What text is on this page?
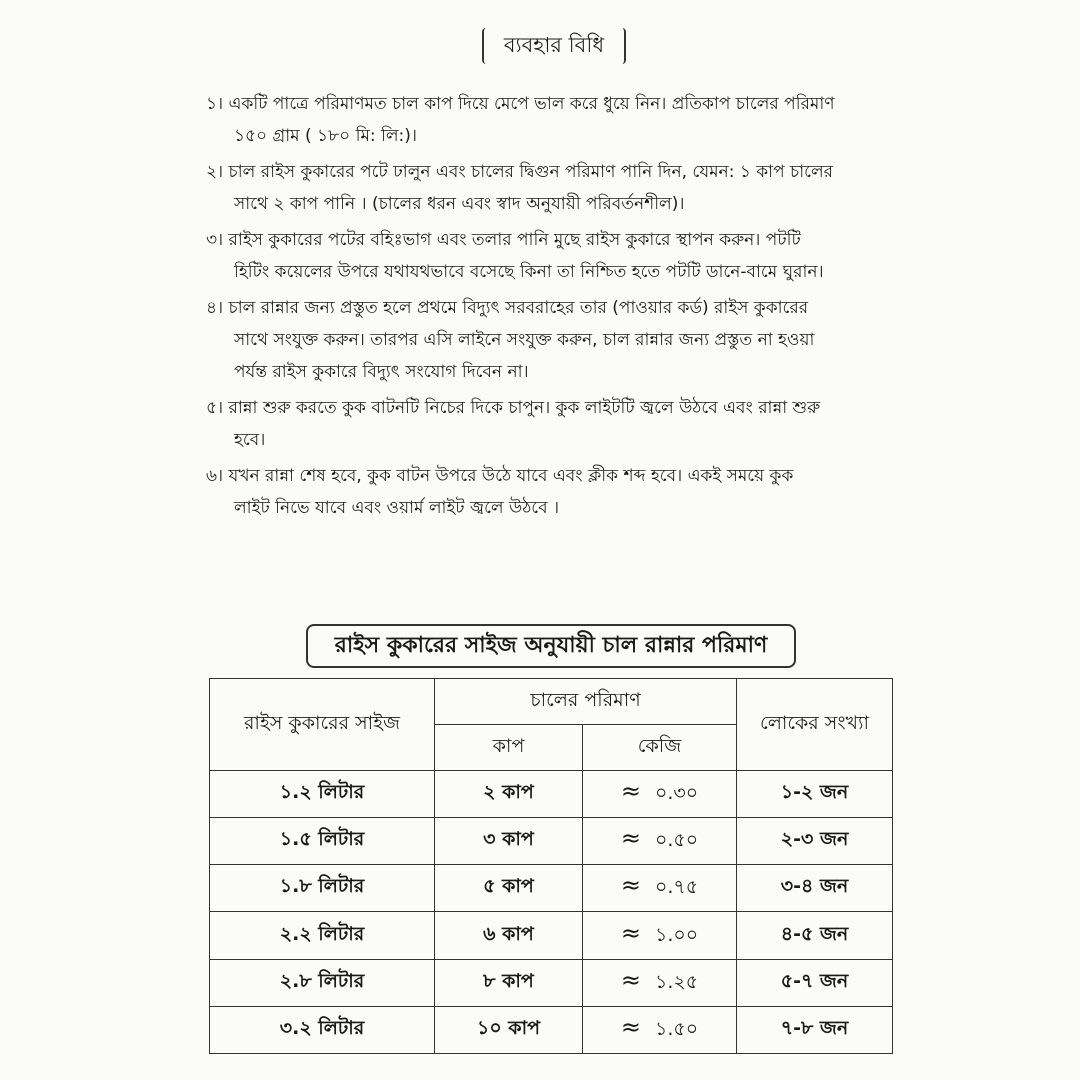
ব্যবহার বিধি
১। একটি পাত্রে পরিমাণমত চাল কাপ দিয়ে মেপে ভাল করে ধুয়ে নিন। প্রতিকাপ চালের পরিমাণ
১৫০ গ্রাম ( ১৮০ মি: লি:)।
২। চাল রাইস কুকারের পটে ঢালুন এবং চালের দ্বিগুন পরিমাণ পানি দিন, যেমন: ১ কাপ চালের
সাথে ২ কাপ পানি । (চালের ধরন এবং স্বাদ অনুযায়ী পরিবর্তনশীল)।
৩। রাইস কুকারের পটের বহিঃভাগ এবং তলার পানি মুছে রাইস কুকারে স্থাপন করুন। পটটি
হিটিং কয়েলের উপরে যথাযথভাবে বসেছে কিনা তা নিশ্চিত হতে পটটি ডানে-বামে ঘুরান।
৪। চাল রান্নার জন্য প্রস্তুত হলে প্রথমে বিদ্যুৎ সরবরাহের তার (পাওয়ার কর্ড) রাইস কুকারের
সাথে সংযুক্ত করুন। তারপর এসি লাইনে সংযুক্ত করুন, চাল রান্নার জন্য প্রস্তুত না হওয়া
পর্যন্ত রাইস কুকারে বিদ্যুৎ সংযোগ দিবেন না।
৫। রান্না শুরু করতে কুক বাটনটি নিচের দিকে চাপুন। কুক লাইটটি জ্বলে উঠবে এবং রান্না শুরু
হবে।
৬। যখন রান্না শেষ হবে, কুক বাটন উপরে উঠে যাবে এবং ক্লীক শব্দ হবে। একই সময়ে কুক
লাইট নিভে যাবে এবং ওয়ার্ম লাইট জ্বলে উঠবে ।
রাইস কুকারের সাইজ অনুযায়ী চাল রান্নার পরিমাণ
রাইস কুকারের সাইজ	চালের পরিমাণ		লোকের সংখ্যা
	কাপ	কেজি	
১.২ লিটার	২ কাপ	≈ ০.৩০	১-২ জন
১.৫ লিটার	৩ কাপ	≈ ০.৫০	২-৩ জন
১.৮ লিটার	৫ কাপ	≈ ০.৭৫	৩-৪ জন
২.২ লিটার	৬ কাপ	≈ ১.০০	৪-৫ জন
২.৮ লিটার	৮ কাপ	≈ ১.২৫	৫-৭ জন
৩.২ লিটার	১০ কাপ	≈ ১.৫০	৭-৮ জন
